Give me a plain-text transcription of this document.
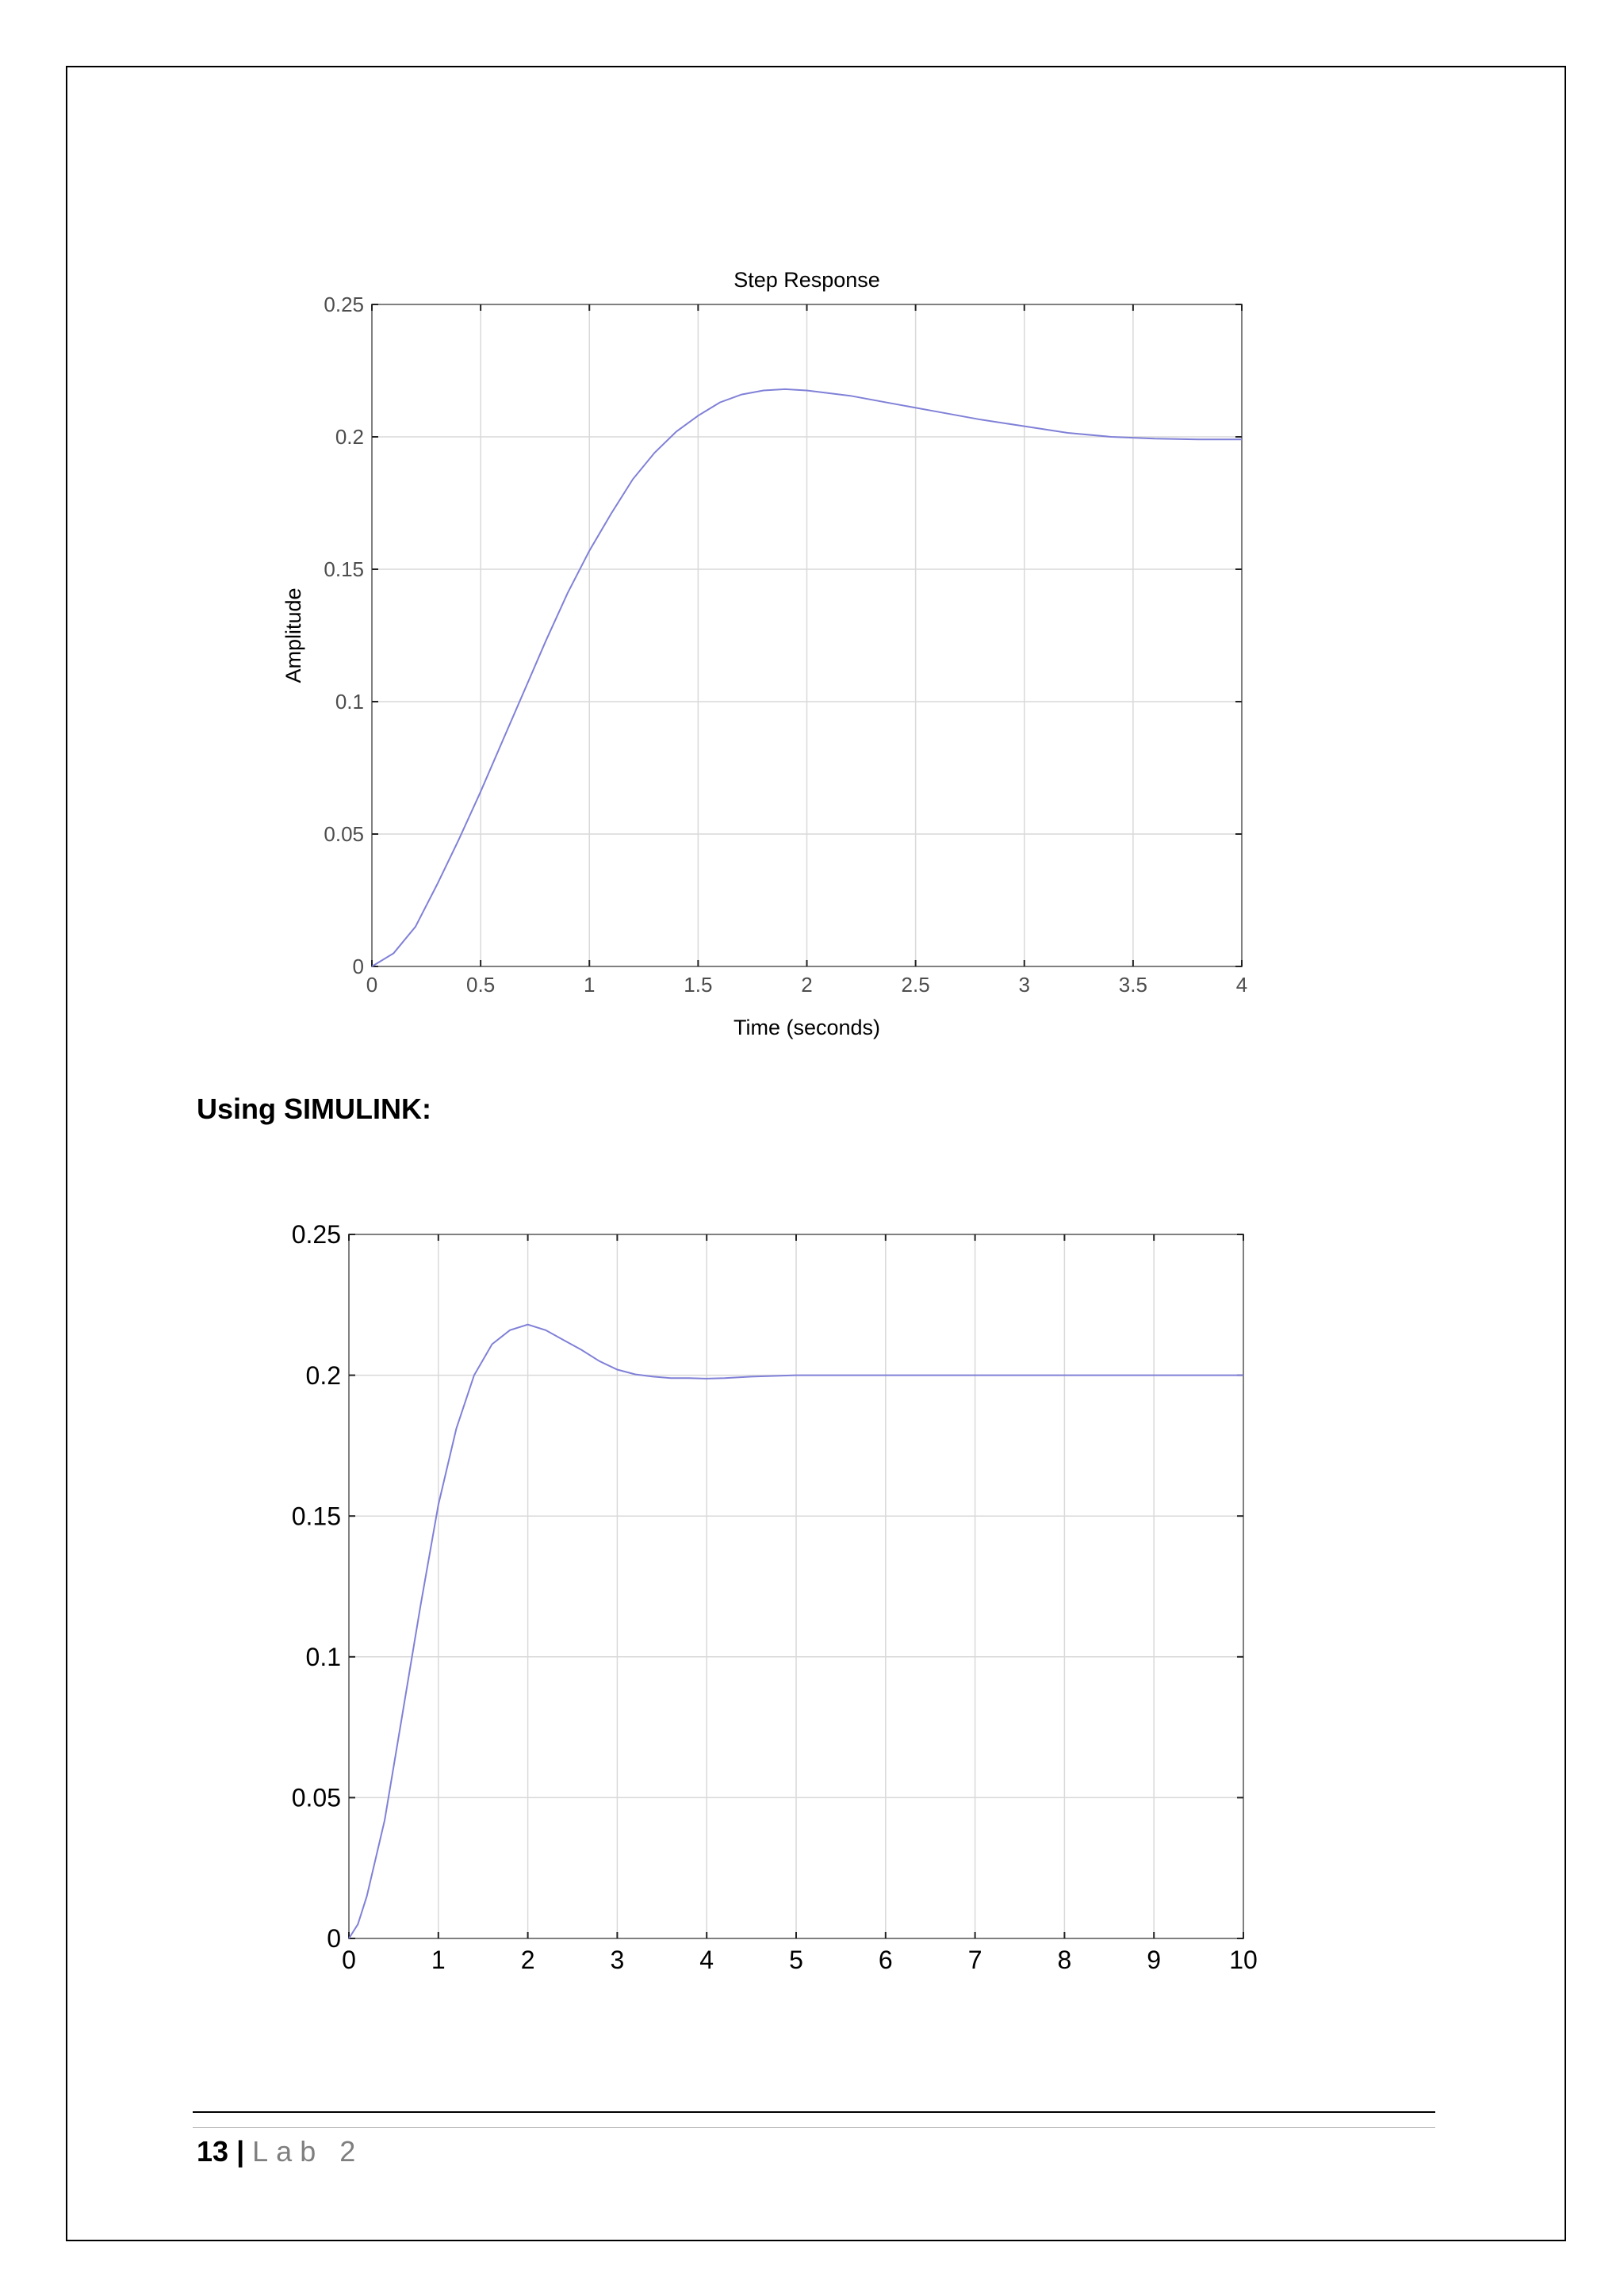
0	0.5	1	1.5	2	2.5	3	3.5	4
0
0.05
0.1
0.15
0.2
0.25
Step Response
Time (seconds)
Amplitude
Using SIMULINK:
0	1	2	3	4	5	6	7	8	9	10
0
0.05
0.1
0.15
0.2
0.25
13 | Lab 2
